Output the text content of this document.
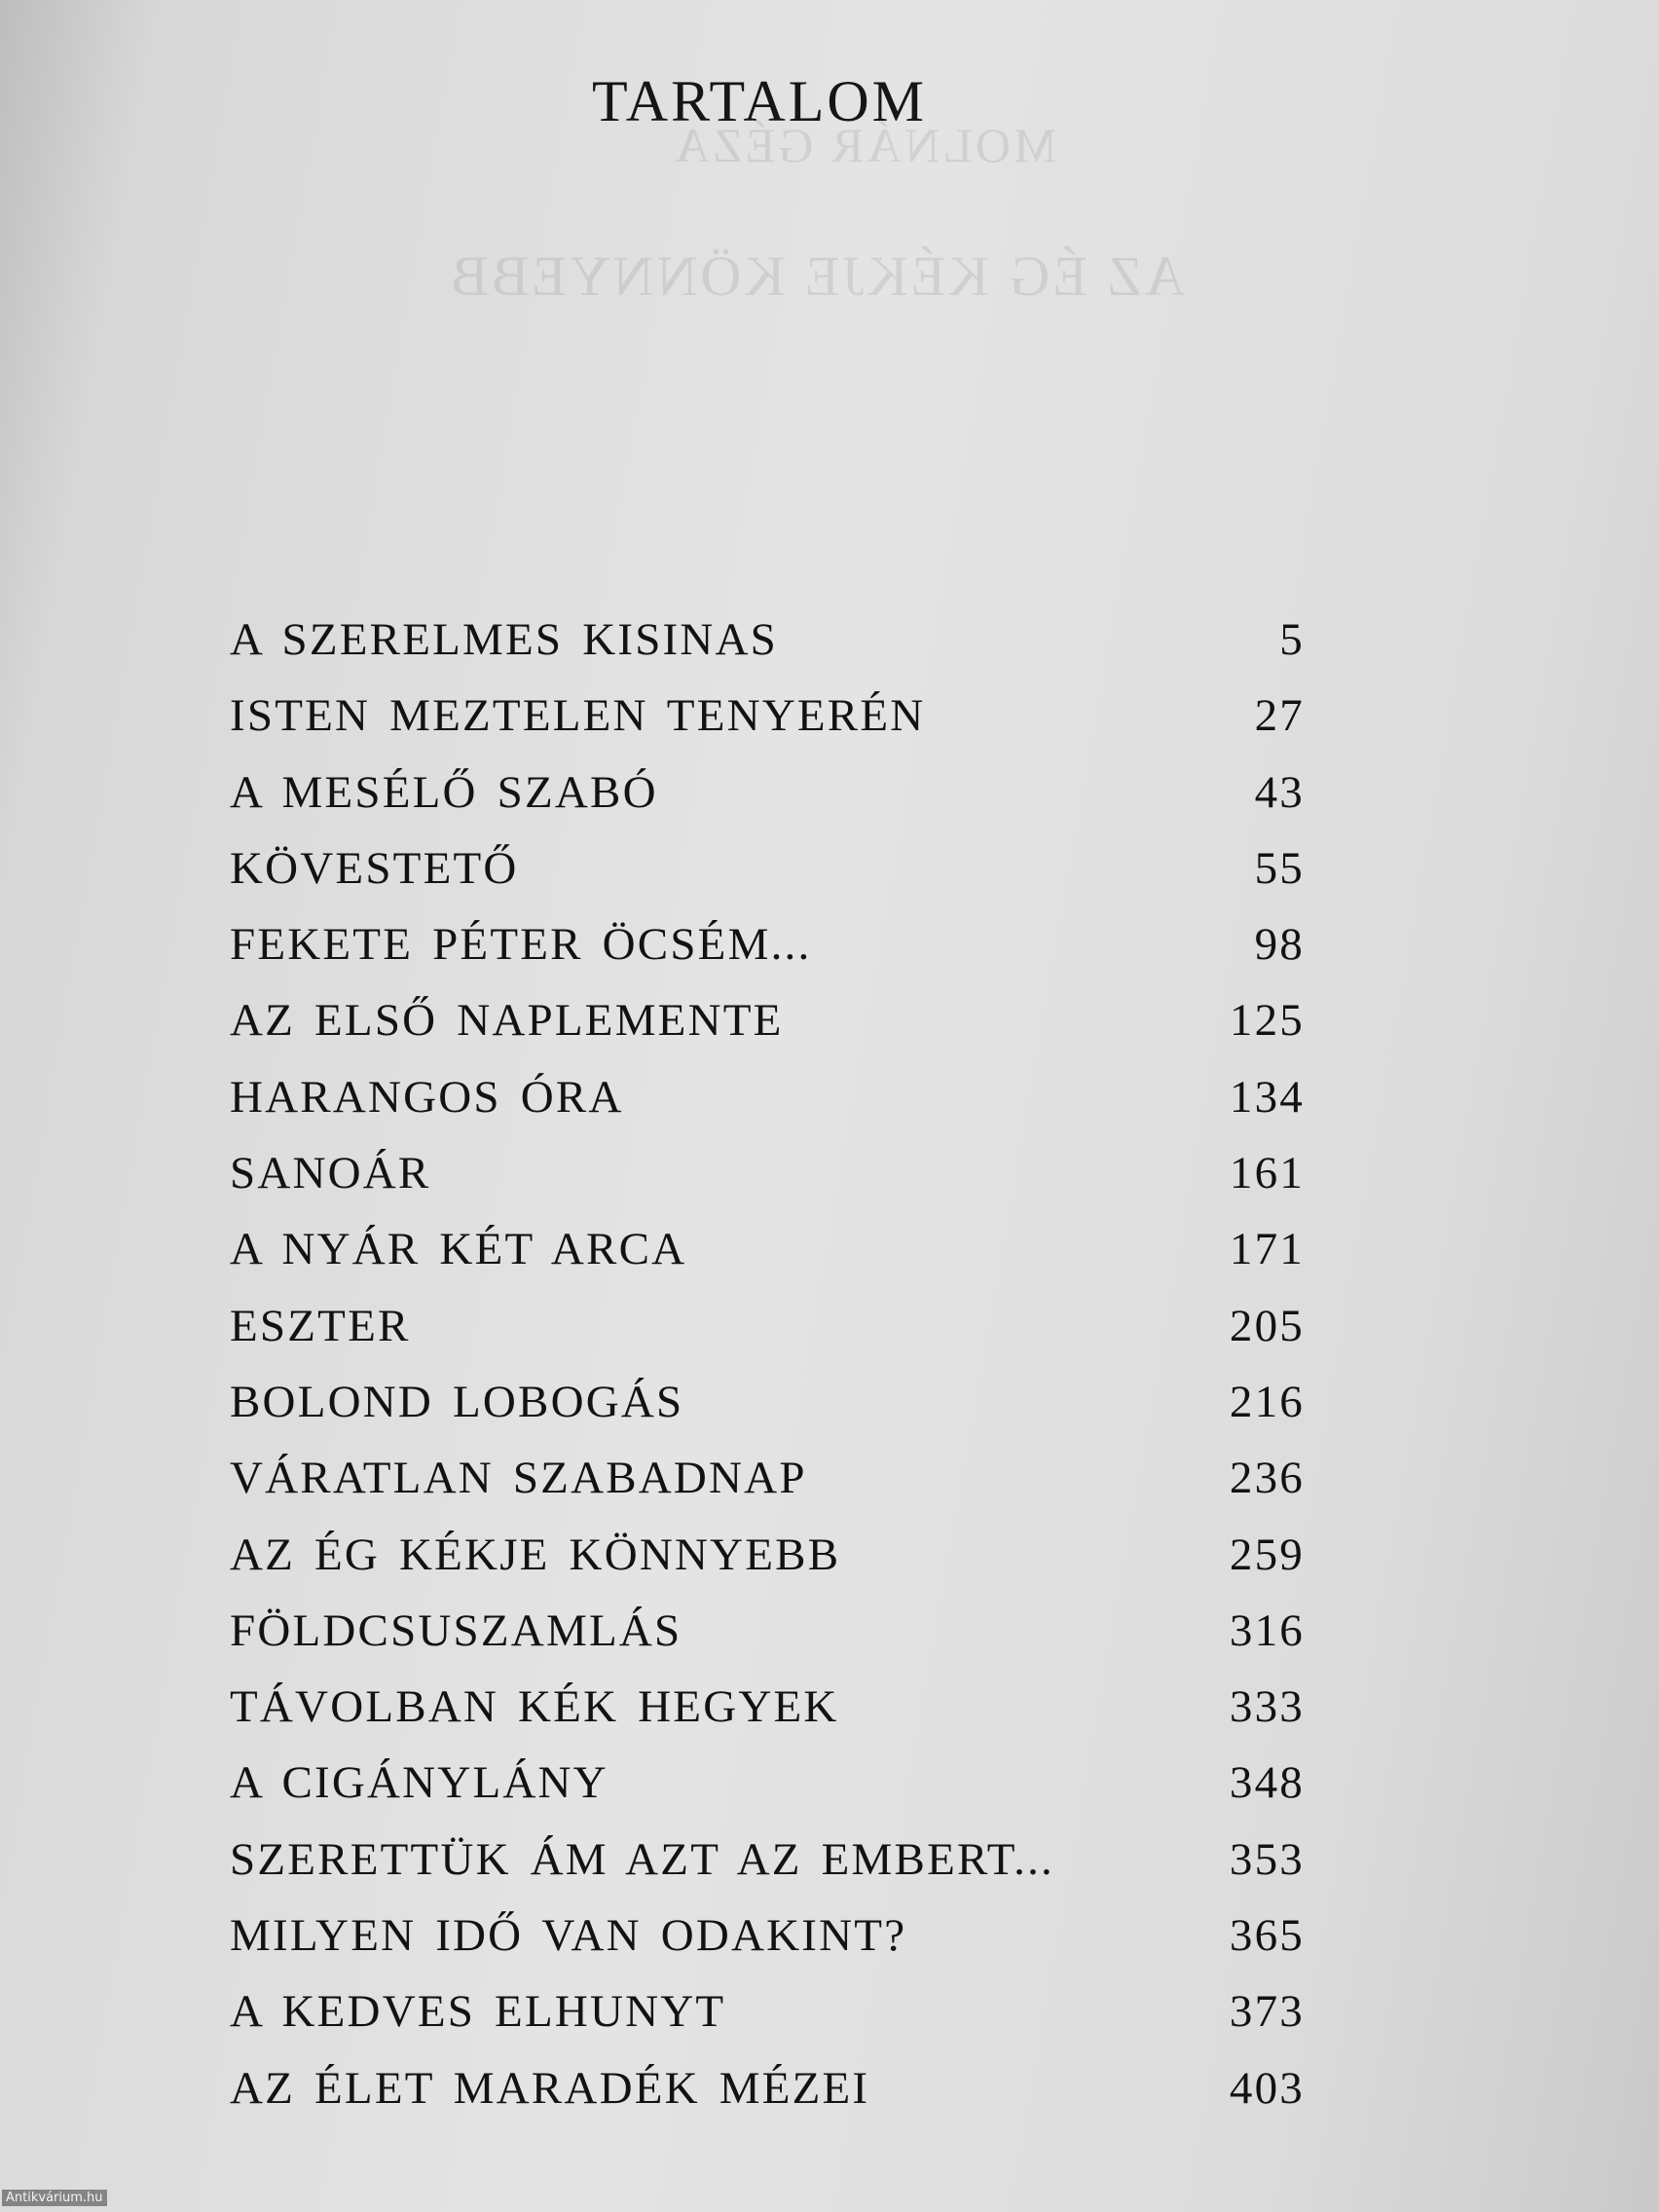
MOLNÁR GÉZA
AZ ÉG KÉKJE KÖNNYEBB
TARTALOM
A SZERELMES KISINAS	5
ISTEN MEZTELEN TENYERÉN	27
A MESÉLŐ SZABÓ	43
KÖVESTETŐ	55
FEKETE PÉTER ÖCSÉM...	98
AZ ELSŐ NAPLEMENTE	125
HARANGOS ÓRA	134
SANOÁR	161
A NYÁR KÉT ARCA	171
ESZTER	205
BOLOND LOBOGÁS	216
VÁRATLAN SZABADNAP	236
AZ ÉG KÉKJE KÖNNYEBB	259
FÖLDCSUSZAMLÁS	316
TÁVOLBAN KÉK HEGYEK	333
A CIGÁNYLÁNY	348
SZERETTÜK ÁM AZT AZ EMBERT...	353
MILYEN IDŐ VAN ODAKINT?	365
A KEDVES ELHUNYT	373
AZ ÉLET MARADÉK MÉZEI	403
Antikvárium.hu
